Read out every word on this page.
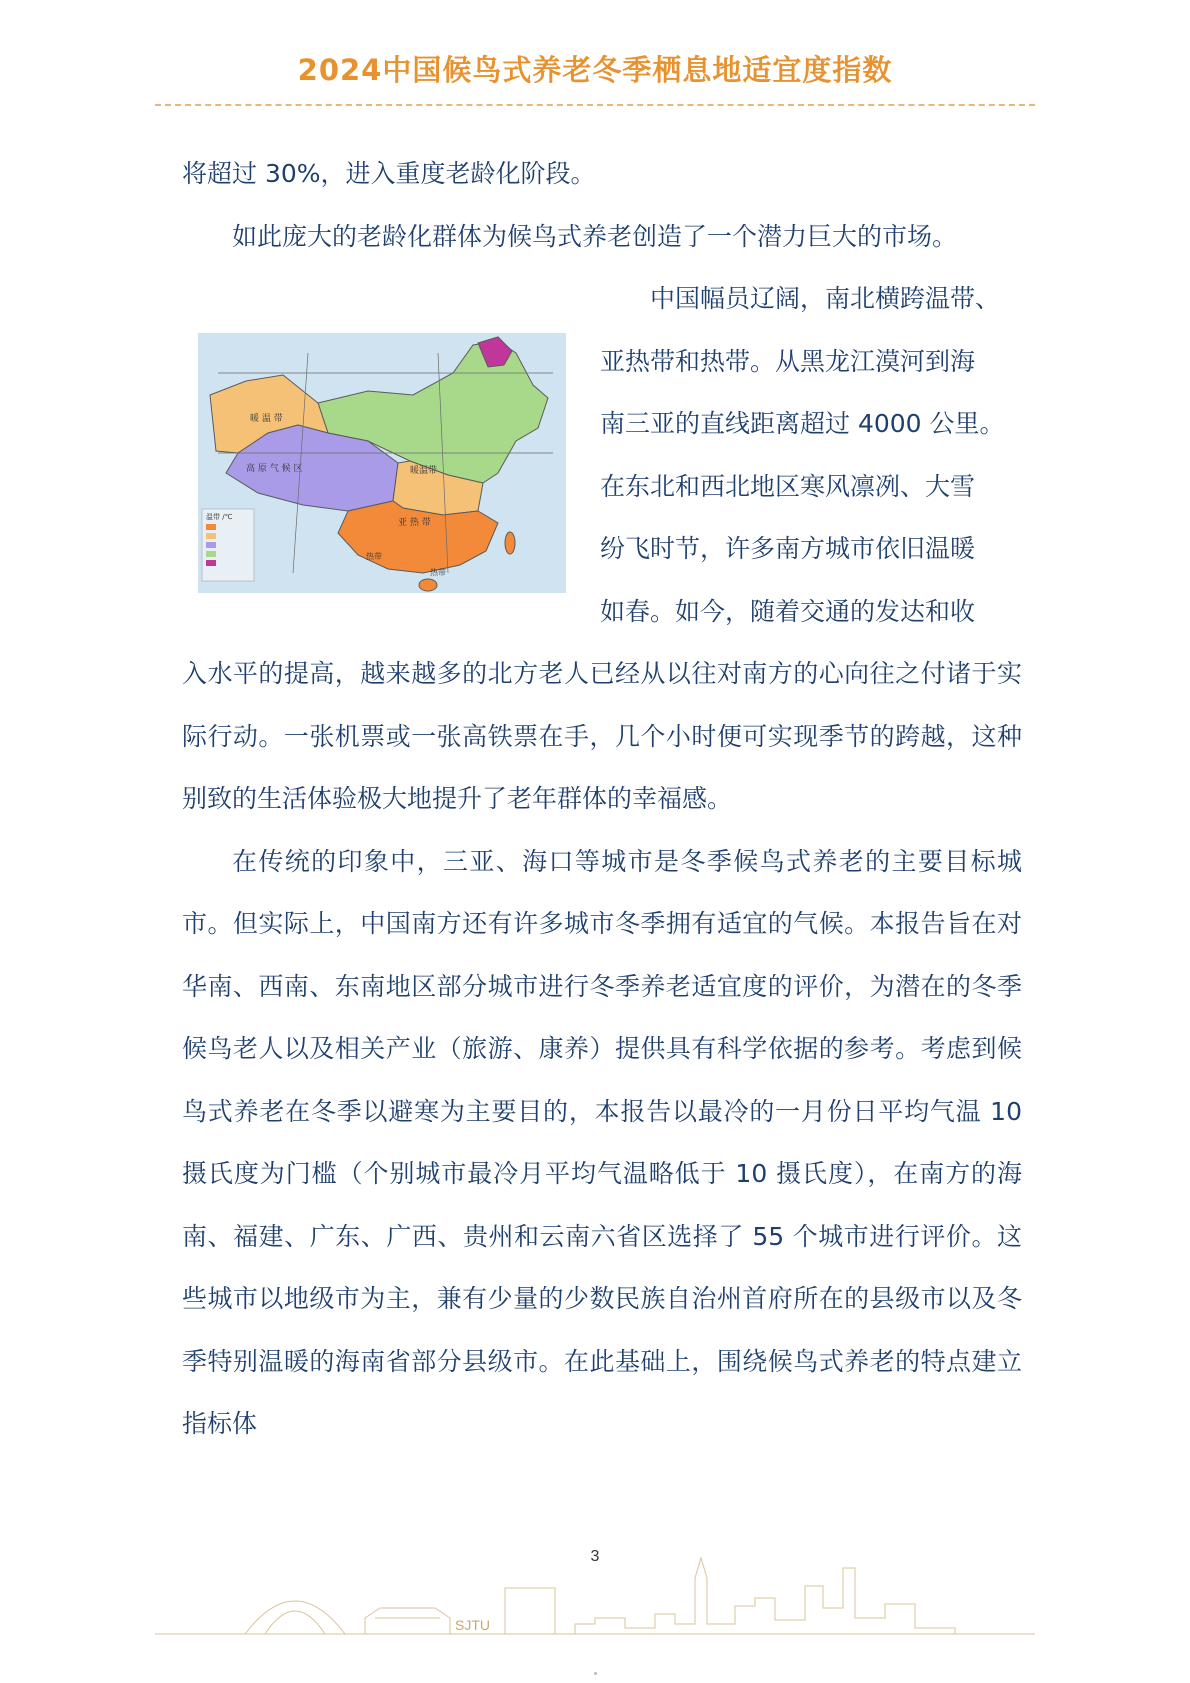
2024中国候鸟式养老冬季栖息地适宜度指数

将超过 30%，进入重度老龄化阶段。

如此庞大的老龄化群体为候鸟式养老创造了一个潜力巨大的市场。

暖 温 带
高 原 气 候 区	暖温带
亚 热 带
热带
热带
温带 /℃
中国幅员辽阔，南北横跨温带、
亚热带和热带。从黑龙江漠河到海
南三亚的直线距离超过 4000 公里。
在东北和西北地区寒风凛冽、大雪
纷飞时节，许多南方城市依旧温暖
如春。如今，随着交通的发达和收

入水平的提高，越来越多的北方老人已经从以往对南方的心向往之付诸于实际行动。一张机票或一张高铁票在手，几个小时便可实现季节的跨越，这种别致的生活体验极大地提升了老年群体的幸福感。

在传统的印象中，三亚、海口等城市是冬季候鸟式养老的主要目标城市。但实际上，中国南方还有许多城市冬季拥有适宜的气候。本报告旨在对华南、西南、东南地区部分城市进行冬季养老适宜度的评价，为潜在的冬季候鸟老人以及相关产业（旅游、康养）提供具有科学依据的参考。考虑到候鸟式养老在冬季以避寒为主要目的，本报告以最冷的一月份日平均气温 10 摄氏度为门槛（个别城市最冷月平均气温略低于 10 摄氏度），在南方的海南、福建、广东、广西、贵州和云南六省区选择了 55 个城市进行评价。这些城市以地级市为主，兼有少量的少数民族自治州首府所在的县级市以及冬季特别温暖的海南省部分县级市。在此基础上，围绕候鸟式养老的特点建立指标体

3
SJTU
